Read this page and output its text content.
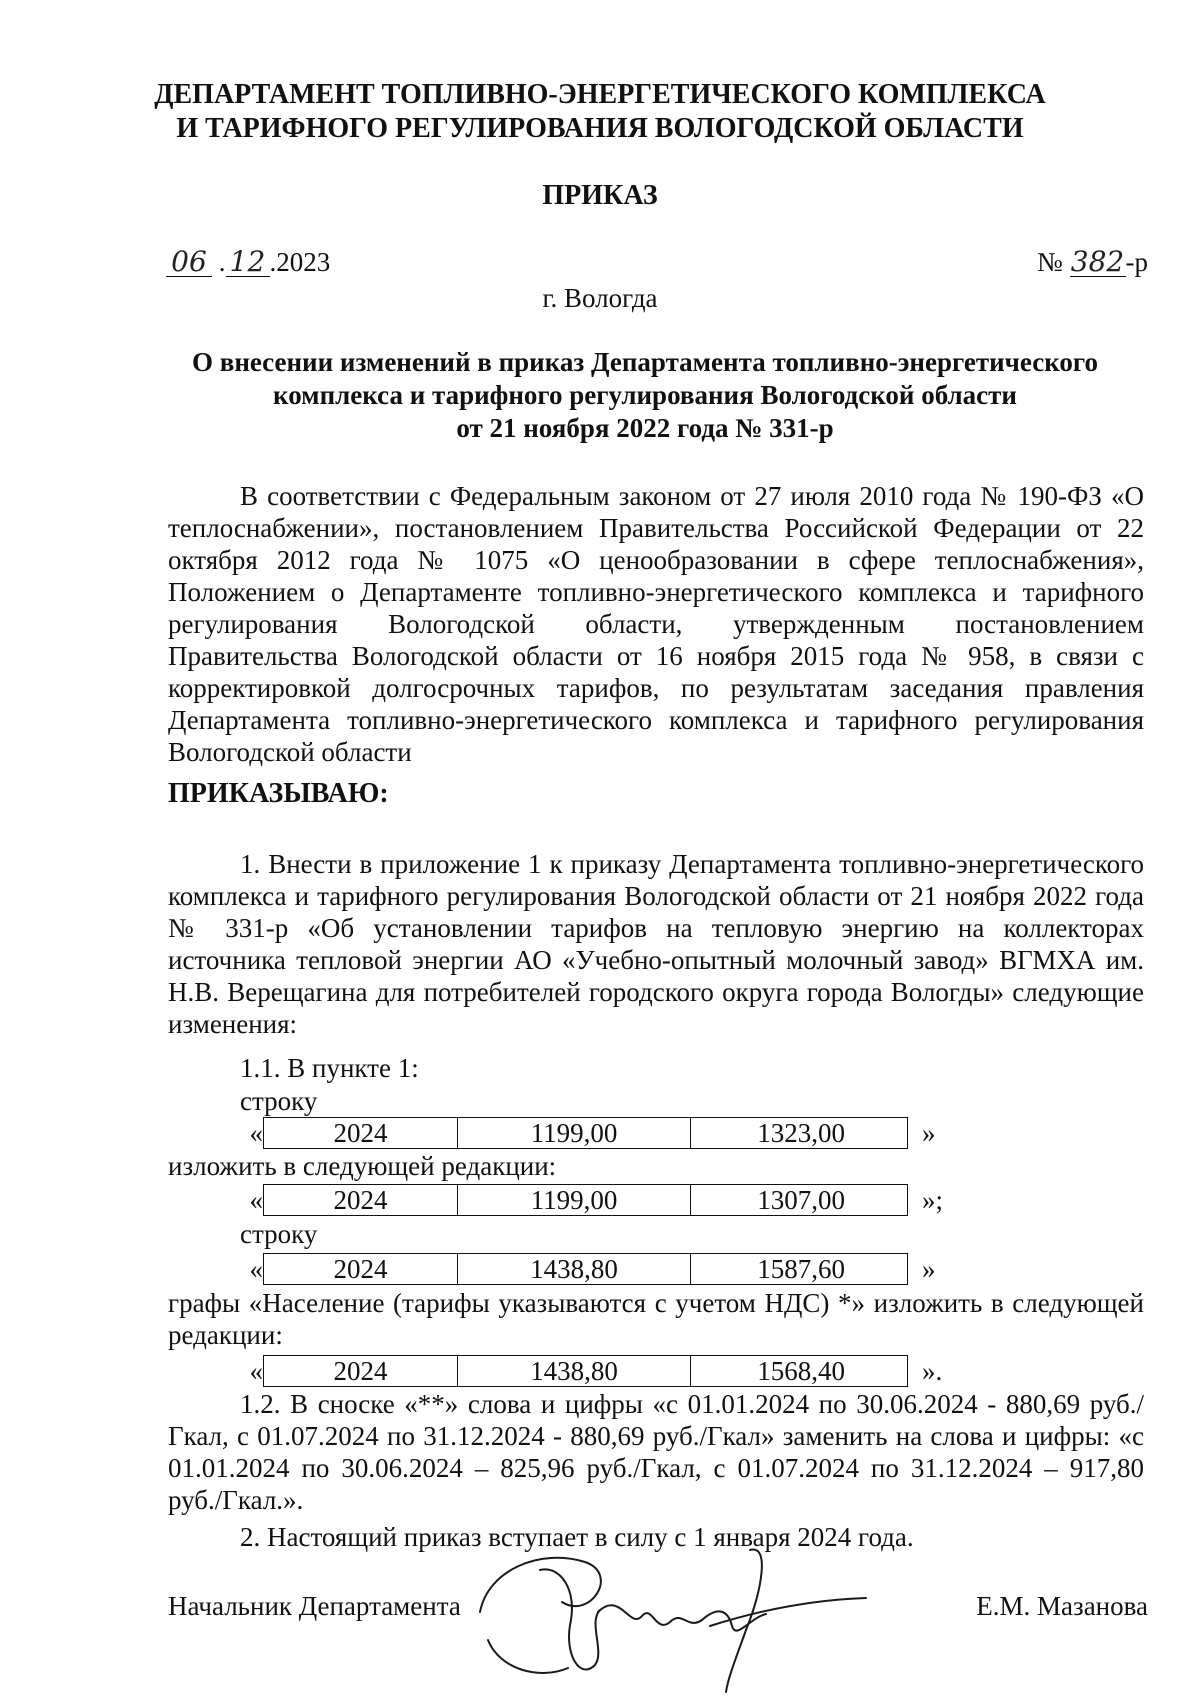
ДЕПАРТАМЕНТ ТОПЛИВНО-ЭНЕРГЕТИЧЕСКОГО КОМПЛЕКСА
И ТАРИФНОГО РЕГУЛИРОВАНИЯ ВОЛОГОДСКОЙ ОБЛАСТИ
ПРИКАЗ
06 . 12 .2023	№ 382-р
г. Вологда
О внесении изменений в приказ Департамента топливно-энергетического
комплекса и тарифного регулирования Вологодской области
от 21 ноября 2022 года № 331-р
В соответствии с Федеральным законом от 27 июля 2010 года № 190-ФЗ «О теплоснабжении», постановлением Правительства Российской Федерации от 22 октября 2012 года № 1075 «О ценообразовании в сфере теплоснабжения», Положением о Департаменте топливно-энергетического комплекса и тарифного регулирования Вологодской области, утвержденным постановлением Правительства Вологодской области от 16 ноября 2015 года № 958, в связи с корректировкой долгосрочных тарифов, по результатам заседания правления Департамента топливно-энергетического комплекса и тарифного регулирования Вологодской области
ПРИКАЗЫВАЮ:
1. Внести в приложение 1 к приказу Департамента топливно-энергетического комплекса и тарифного регулирования Вологодской области от 21 ноября 2022 года № 331-р «Об установлении тарифов на тепловую энергию на коллекторах источника тепловой энергии АО «Учебно-опытный молочный завод» ВГМХА им. Н.В. Верещагина для потребителей городского округа города Вологды» следующие изменения:
1.1. В пункте 1:
строку
«	2024	1199,00	1323,00	»
изложить в следующей редакции:
«	2024	1199,00	1307,00	»;
строку
«	2024	1438,80	1587,60	»
графы «Население (тарифы указываются с учетом НДС) *» изложить в следующей редакции:
«	2024	1438,80	1568,40	».
1.2. В сноске «**» слова и цифры «с 01.01.2024 по 30.06.2024 - 880,69 руб./Гкал, с 01.07.2024 по 31.12.2024 - 880,69 руб./Гкал» заменить на слова и цифры: «с 01.01.2024 по 30.06.2024 – 825,96 руб./Гкал, с 01.07.2024 по 31.12.2024 – 917,80 руб./Гкал.».
2. Настоящий приказ вступает в силу с 1 января 2024 года.
Начальник Департамента	Е.М. Мазанова
